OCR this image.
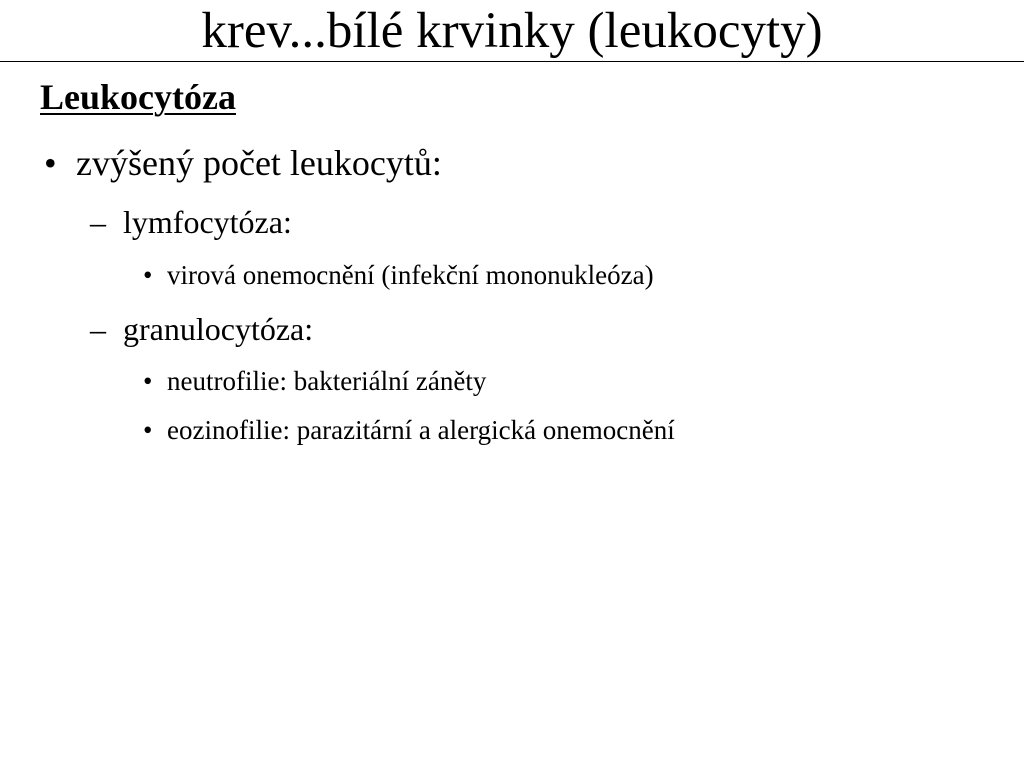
krev...bílé krvinky (leukocyty)
Leukocytóza
• zvýšený počet leukocytů:
– lymfocytóza:
• virová onemocnění (infekční mononukleóza)
– granulocytóza:
• neutrofilie: bakteriální záněty
• eozinofilie: parazitární a alergická onemocnění
